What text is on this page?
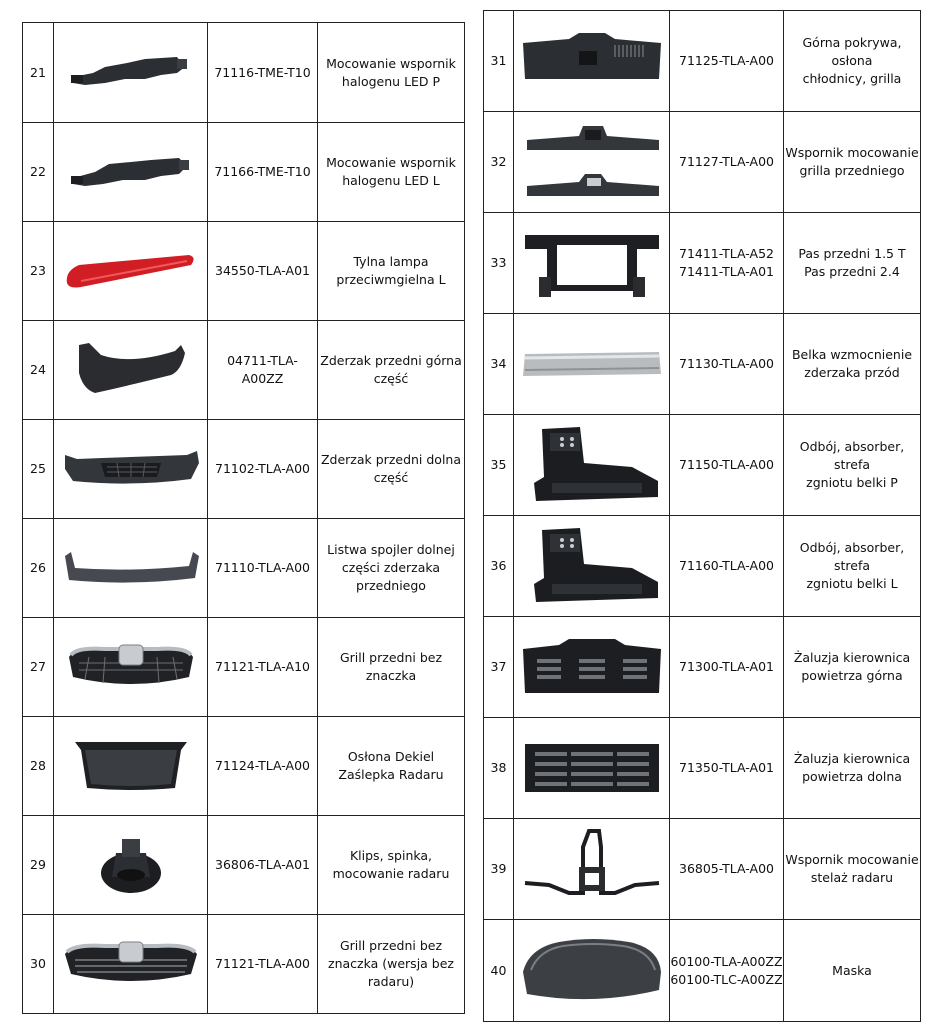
21		71116-TME-T10	Mocowanie wspornik halogenu LED P
22		71166-TME-T10	Mocowanie wspornik halogenu LED L
23		34550-TLA-A01	Tylna lampa przeciwmgielna L
24		04711-TLA-A00ZZ	Zderzak przedni górna część
25		71102-TLA-A00	Zderzak przedni dolna część
26		71110-TLA-A00	Listwa spojler dolnej części zderzaka przedniego
27		71121-TLA-A10	Grill przedni bez znaczka
28		71124-TLA-A00	Osłona Dekiel Zaślepka Radaru
29		36806-TLA-A01	Klips, spinka, mocowanie radaru
30		71121-TLA-A00	Grill przedni bez znaczka (wersja bez radaru)
31		71125-TLA-A00	Górna pokrywa, osłona
chłodnicy, grilla

32		71127-TLA-A00	Wspornik mocowanie
grilla przedniego

33		71411-TLA-A52
71411-TLA-A01	Pas przedni 1.5 T
Pas przedni 2.4

34		71130-TLA-A00	Belka wzmocnienie
zderzaka przód

35		71150-TLA-A00	Odbój, absorber, strefa
zgniotu belki P

36		71160-TLA-A00	Odbój, absorber, strefa
zgniotu belki L

37		71300-TLA-A01	Żaluzja kierownica
powietrza górna

38		71350-TLA-A01	Żaluzja kierownica
powietrza dolna

39		36805-TLA-A00	Wspornik mocowanie
stelaż radaru

40		60100-TLA-A00ZZ
60100-TLC-A00ZZ	Maska
